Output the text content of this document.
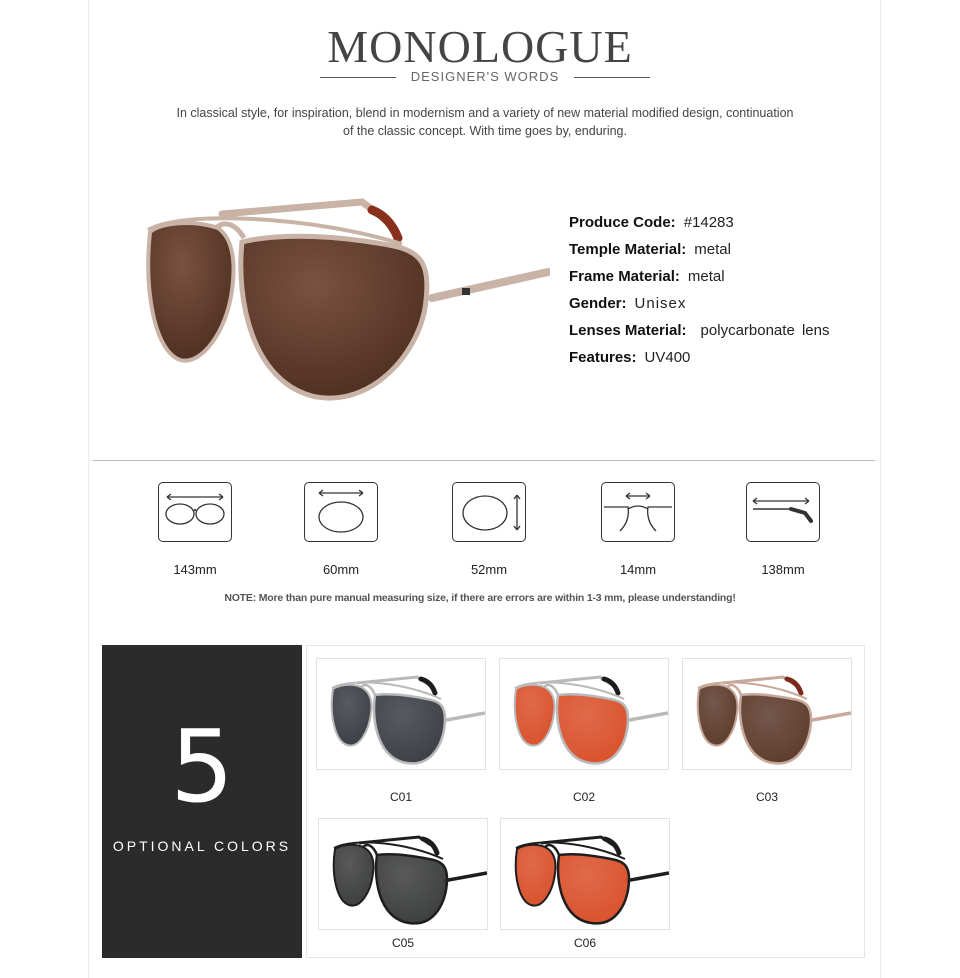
MONOLOGUE
DESIGNER'S WORDS
In classical style, for inspiration, blend in modernism and a variety of new material modified design, continuation
of the classic concept. With time goes by, enduring.
Produce Code: #14283
Temple Material: metal
Frame Material: metal
Gender: Unisex
Lenses Material: polycarbonate lens
Features: UV400
143mm	60mm	52mm	14mm	138mm
NOTE: More than pure manual measuring size, if there are errors are within 1-3 mm, please understanding!
5
OPTIONAL COLORS
C01	C02	C03
C05	C06
